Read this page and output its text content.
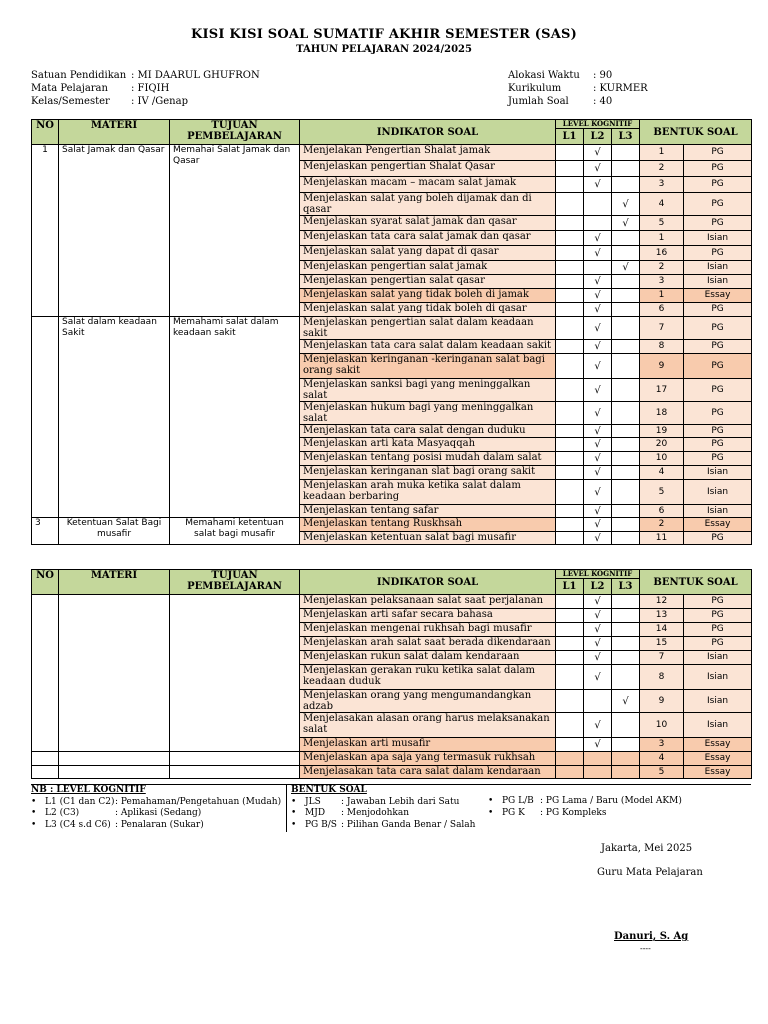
KISI KISI SOAL SUMATIF AKHIR SEMESTER (SAS)
TAHUN PELAJARAN 2024/2025
Satuan Pendidikan : MI DAARUL GHUFRON
Mata Pelajaran	: FIQIH
Kelas/Semester	: IV /Genap
Alokasi Waktu	: 90
Kurikulum	: KURMER
Jumlah Soal	: 40
NO	MATERI	TUJUAN PEMBELAJARAN	INDIKATOR SOAL	LEVEL KOGNITIF			BENTUK SOAL	
				L1	L2	L3		
1	Salat Jamak dan Qasar	Memahai Salat Jamak dan Qasar	Menjelakan Pengertian Shalat jamak		√		1	PG
			Menjelaskan pengertian Shalat Qasar		√		2	PG
			Menjelaskan macam – macam salat jamak		√		3	PG
			Menjelaskan salat yang boleh dijamak dan di qasar			√	4	PG
			Menjelaskan syarat salat jamak dan qasar			√	5	PG
			Menjelaskan tata cara salat jamak dan qasar		√		1	Isian
			Menjelaskan salat yang dapat di qasar		√		16	PG
			Menjelaskan pengertian salat jamak			√	2	Isian
			Menjelaskan pengertian salat qasar		√		3	Isian
			Menjelaskan salat yang tidak boleh di jamak		√		1	Essay
			Menjelaskan salat yang tidak boleh di qasar		√		6	PG
	Salat dalam keadaan Sakit	Memahami salat dalam keadaan sakit	Menjelaskan pengertian salat dalam keadaan sakit		√		7	PG
			Menjelaskan tata cara salat dalam keadaan sakit		√		8	PG
			Menjelaskan keringanan -keringanan salat bagi orang sakit		√		9	PG
			Menjelaskan sanksi bagi yang meninggalkan salat		√		17	PG
			Menjelaskan hukum bagi yang meninggalkan salat		√		18	PG
			Menjelaskan tata cara salat dengan duduku		√		19	PG
			Menjelaskan arti kata Masyaqqah		√		20	PG
			Menjelaskan tentang posisi mudah dalam salat		√		10	PG
			Menjelaskan keringanan slat bagi orang sakit		√		4	Isian
			Menjelaskan arah muka ketika salat dalam keadaan berbaring		√		5	Isian
			Menjelaskan tentang safar		√		6	Isian
3	Ketentuan Salat Bagi musafir	Memahami ketentuan salat bagi musafir	Menjelaskan tentang Ruskhsah		√		2	Essay
			Menjelaskan ketentuan salat bagi musafir		√		11	PG
NO	MATERI	TUJUAN PEMBELAJARAN	INDIKATOR SOAL	LEVEL KOGNITIF			BENTUK SOAL	
				L1	L2	L3		
			Menjelaskan pelaksanaan salat saat perjalanan		√		12	PG
			Menjelaskan arti safar secara bahasa		√		13	PG
			Menjelaskan mengenai rukhsah bagi musafir		√		14	PG
			Menjelaskan arah salat saat berada dikendaraan		√		15	PG
			Menjelaskan rukun salat dalam kendaraan		√		7	Isian
			Menjelaskan gerakan ruku ketika salat dalam keadaan duduk		√		8	Isian
			Menjelaskan orang yang mengumandangkan adzab			√	9	Isian
			Menjelasakan alasan orang harus melaksanakan salat		√		10	Isian
			Menjelaskan arti musafir		√		3	Essay
			Menjelaskan apa saja yang termasuk rukhsah				4	Essay
			Menjelasakan tata cara salat dalam kendaraan				5	Essay
NB : LEVEL KOGNITIF
• L1 (C1 dan C2) : Pemahaman/Pengetahuan (Mudah)
• L2 (C3)	: Aplikasi (Sedang)
• L3 (C4 s.d C6) : Penalaran (Sukar)
BENTUK SOAL
• JLS	: Jawaban Lebih dari Satu
• MJD	: Menjodohkan
• PG B/S : Pilihan Ganda Benar / Salah
• PG L/B : PG Lama / Baru (Model AKM)
• PG K	: PG Kompleks
Jakarta, Mei 2025
Guru Mata Pelajaran
Danuri, S. Ag
----
